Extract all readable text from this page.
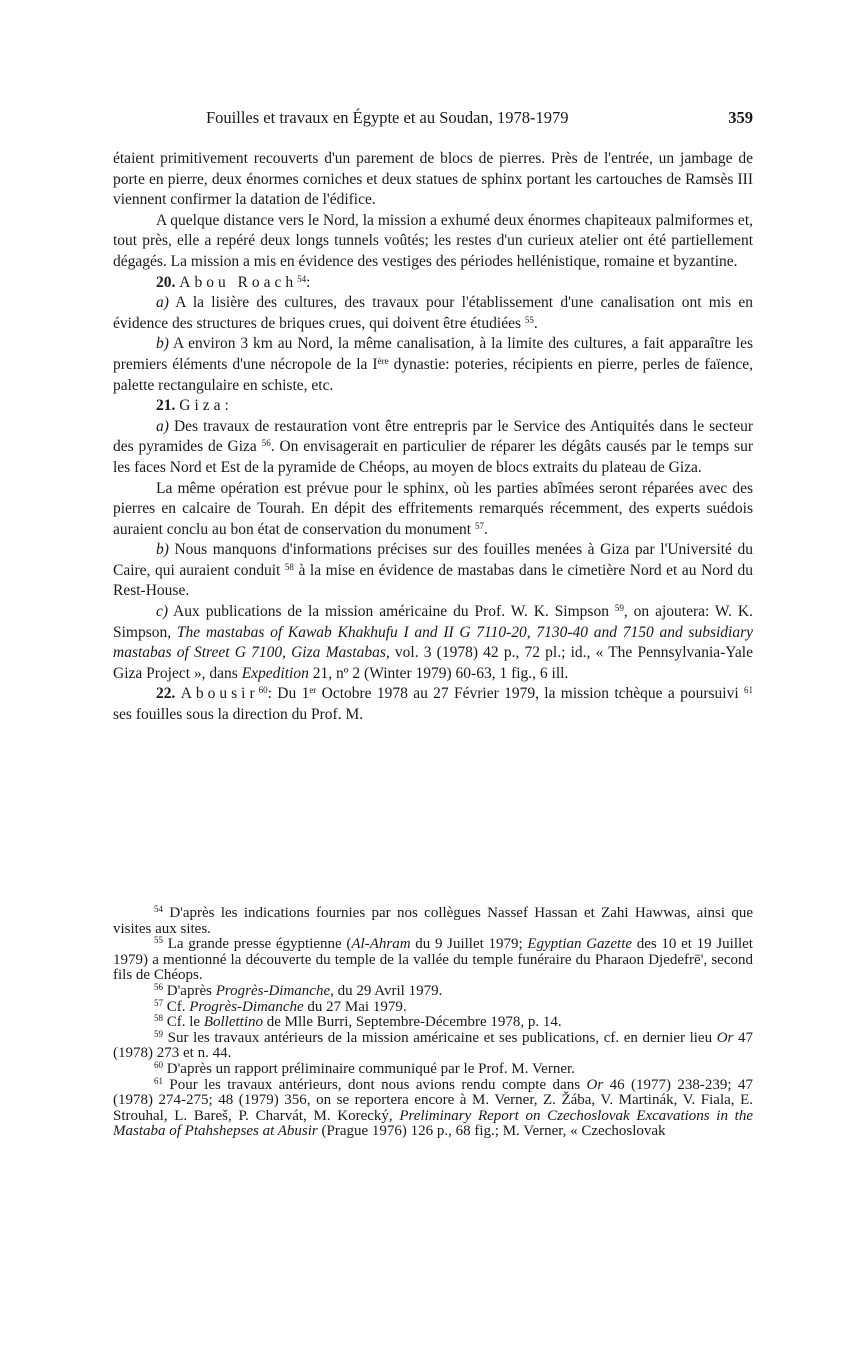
Fouilles et travaux en Égypte et au Soudan, 1978-1979	359

étaient primitivement recouverts d'un parement de blocs de pierres. Près de l'entrée, un jambage de porte en pierre, deux énormes corniches et deux statues de sphinx portant les cartouches de Ramsès III viennent confirmer la datation de l'édifice.

A quelque distance vers le Nord, la mission a exhumé deux énormes chapiteaux palmiformes et, tout près, elle a repéré deux longs tunnels voûtés; les restes d'un curieux atelier ont été partiellement dégagés. La mission a mis en évidence des vestiges des périodes hellénistique, romaine et byzantine.

20. Abou Roach$^{54}$:

a) A la lisière des cultures, des travaux pour l'établissement d'une canalisation ont mis en évidence des structures de briques crues, qui doivent être étudiées $^{55}$.

b) A environ 3 km au Nord, la même canalisation, à la limite des cultures, a fait apparaître les premiers éléments d'une nécropole de la Ière dynastie: poteries, récipients en pierre, perles de faïence, palette rectangulaire en schiste, etc.

21. Giza:

a) Des travaux de restauration vont être entrepris par le Service des Antiquités dans le secteur des pyramides de Giza $^{56}$. On envisagerait en particulier de réparer les dégâts causés par le temps sur les faces Nord et Est de la pyramide de Chéops, au moyen de blocs extraits du plateau de Giza.

La même opération est prévue pour le sphinx, où les parties abîmées seront réparées avec des pierres en calcaire de Tourah. En dépit des effritements remarqués récemment, des experts suédois auraient conclu au bon état de conservation du monument $^{57}$.

b) Nous manquons d'informations précises sur des fouilles menées à Giza par l'Université du Caire, qui auraient conduit $^{58}$ à la mise en évidence de mastabas dans le cimetière Nord et au Nord du Rest-House.

c) Aux publications de la mission américaine du Prof. W. K. Simpson $^{59}$, on ajoutera: W. K. Simpson, The mastabas of Kawab Khakhufu I and II G 7110-20, 7130-40 and 7150 and subsidiary mastabas of Street G 7100, Giza Mastabas, vol. 3 (1978) 42 p., 72 pl.; id., « The Pennsylvania-Yale Giza Project », dans Expedition 21, nº 2 (Winter 1979) 60-63, 1 fig., 6 ill.

22. Abousir$^{60}$: Du 1er Octobre 1978 au 27 Février 1979, la mission tchèque a poursuivi $^{61}$ ses fouilles sous la direction du Prof. M.

$^{54}$ D'après les indications fournies par nos collègues Nassef Hassan et Zahi Hawwas, ainsi que visites aux sites.

$^{55}$ La grande presse égyptienne (Al-Ahram du 9 Juillet 1979; Egyptian Gazette des 10 et 19 Juillet 1979) a mentionné la découverte du temple de la vallée du temple funéraire du Pharaon Djedefrē', second fils de Chéops.

$^{56}$ D'après Progrès-Dimanche, du 29 Avril 1979.

$^{57}$ Cf. Progrès-Dimanche du 27 Mai 1979.

$^{58}$ Cf. le Bollettino de Mlle Burri, Septembre-Décembre 1978, p. 14.

$^{59}$ Sur les travaux antérieurs de la mission américaine et ses publications, cf. en dernier lieu Or 47 (1978) 273 et n. 44.

$^{60}$ D'après un rapport préliminaire communiqué par le Prof. M. Verner.

$^{61}$ Pour les travaux antérieurs, dont nous avions rendu compte dans Or 46 (1977) 238-239; 47 (1978) 274-275; 48 (1979) 356, on se reportera encore à M. Verner, Z. Žába, V. Martinák, V. Fiala, E. Strouhal, L. Bareš, P. Charvát, M. Korecký, Preliminary Report on Czechoslovak Excavations in the Mastaba of Ptahshepses at Abusir (Prague 1976) 126 p., 68 fig.; M. Verner, « Czechoslovak
